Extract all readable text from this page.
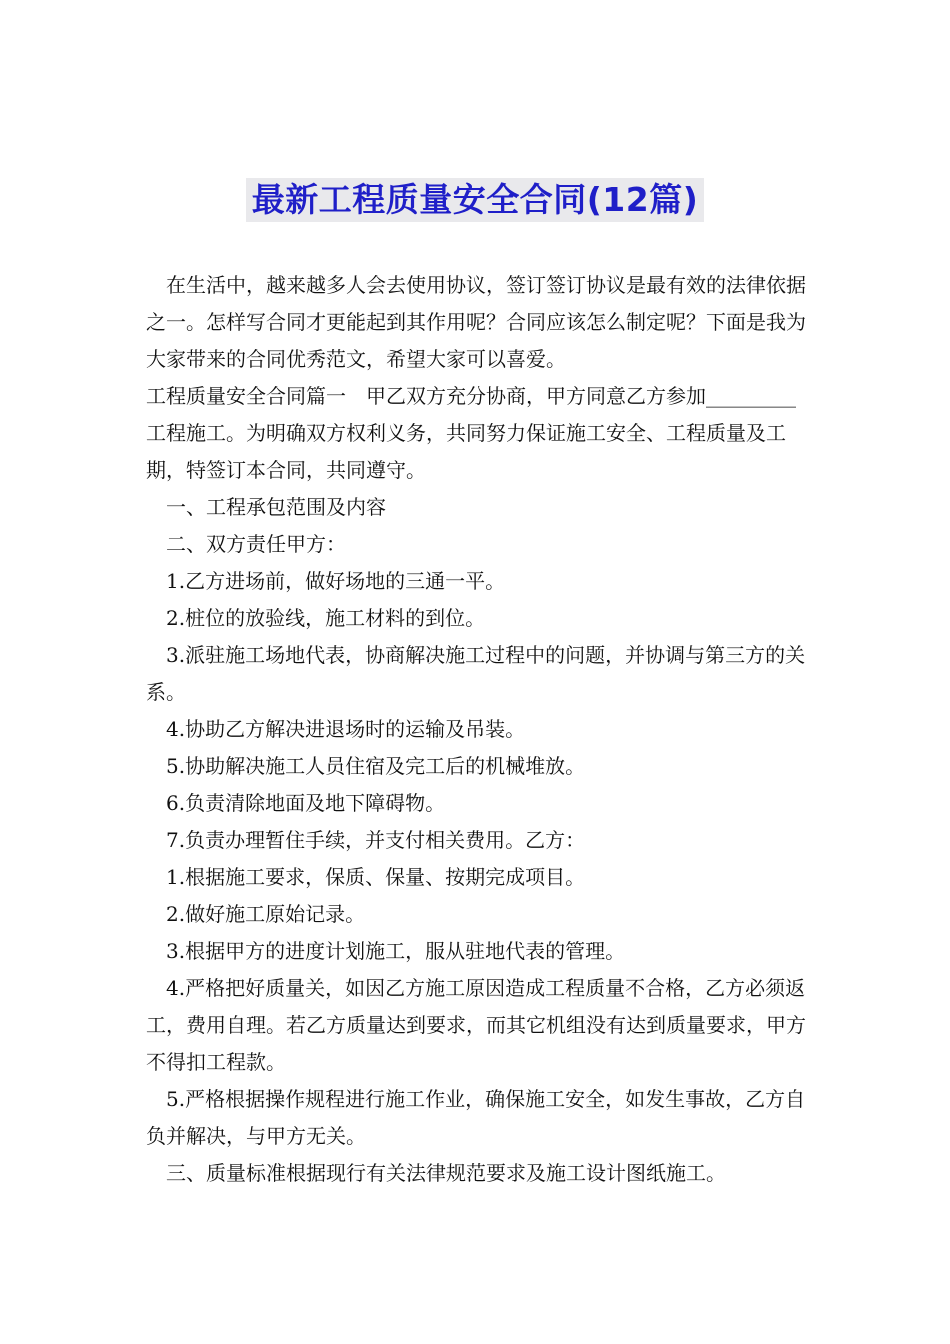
最新工程质量安全合同(12篇)

在生活中，越来越多人会去使用协议，签订签订协议是最有效的法律依据之一。怎样写合同才更能起到其作用呢？合同应该怎么制定呢？下面是我为大家带来的合同优秀范文，希望大家可以喜爱。

工程质量安全合同篇一　甲乙双方充分协商，甲方同意乙方参加_________工程施工。为明确双方权利义务，共同努力保证施工安全、工程质量及工期，特签订本合同，共同遵守。

一、工程承包范围及内容

二、双方责任甲方：

1.乙方进场前，做好场地的三通一平。

2.桩位的放验线，施工材料的到位。

3.派驻施工场地代表，协商解决施工过程中的问题，并协调与第三方的关系。

4.协助乙方解决进退场时的运输及吊装。

5.协助解决施工人员住宿及完工后的机械堆放。

6.负责清除地面及地下障碍物。

7.负责办理暂住手续，并支付相关费用。乙方：

1.根据施工要求，保质、保量、按期完成项目。

2.做好施工原始记录。

3.根据甲方的进度计划施工，服从驻地代表的管理。

4.严格把好质量关，如因乙方施工原因造成工程质量不合格，乙方必须返工，费用自理。若乙方质量达到要求，而其它机组没有达到质量要求，甲方不得扣工程款。

5.严格根据操作规程进行施工作业，确保施工安全，如发生事故，乙方自负并解决，与甲方无关。

三、质量标准根据现行有关法律规范要求及施工设计图纸施工。
